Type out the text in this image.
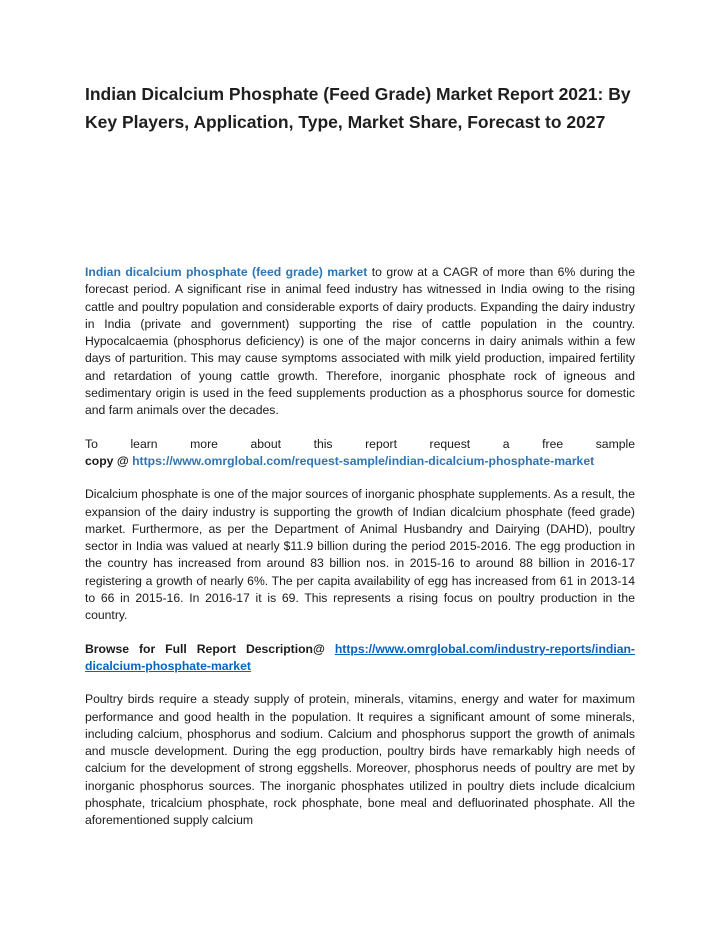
Indian Dicalcium Phosphate (Feed Grade) Market Report 2021: By Key Players, Application, Type, Market Share, Forecast to 2027

Indian dicalcium phosphate (feed grade) market to grow at a CAGR of more than 6% during the forecast period. A significant rise in animal feed industry has witnessed in India owing to the rising cattle and poultry population and considerable exports of dairy products. Expanding the dairy industry in India (private and government) supporting the rise of cattle population in the country. Hypocalcaemia (phosphorus deficiency) is one of the major concerns in dairy animals within a few days of parturition. This may cause symptoms associated with milk yield production, impaired fertility and retardation of young cattle growth. Therefore, inorganic phosphate rock of igneous and sedimentary origin is used in the feed supplements production as a phosphorus source for domestic and farm animals over the decades.

To learn more about this report request a free sample

copy @ https://www.omrglobal.com/request-sample/indian-dicalcium-phosphate-market

Dicalcium phosphate is one of the major sources of inorganic phosphate supplements. As a result, the expansion of the dairy industry is supporting the growth of Indian dicalcium phosphate (feed grade) market. Furthermore, as per the Department of Animal Husbandry and Dairying (DAHD), poultry sector in India was valued at nearly $11.9 billion during the period 2015-2016. The egg production in the country has increased from around 83 billion nos. in 2015-16 to around 88 billion in 2016-17 registering a growth of nearly 6%. The per capita availability of egg has increased from 61 in 2013-14 to 66 in 2015-16. In 2016-17 it is 69. This represents a rising focus on poultry production in the country.

Browse for Full Report Description@ https://www.omrglobal.com/industry-reports/indian-dicalcium-phosphate-market

Poultry birds require a steady supply of protein, minerals, vitamins, energy and water for maximum performance and good health in the population. It requires a significant amount of some minerals, including calcium, phosphorus and sodium. Calcium and phosphorus support the growth of animals and muscle development. During the egg production, poultry birds have remarkably high needs of calcium for the development of strong eggshells. Moreover, phosphorus needs of poultry are met by inorganic phosphorus sources. The inorganic phosphates utilized in poultry diets include dicalcium phosphate, tricalcium phosphate, rock phosphate, bone meal and defluorinated phosphate. All the aforementioned supply calcium
